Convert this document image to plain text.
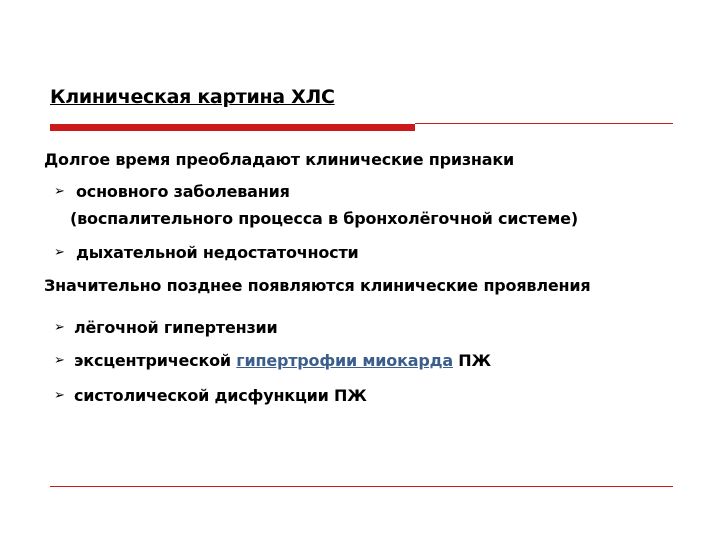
Клиническая картина ХЛС
Долгое время преобладают клинические признаки
➢ основного заболевания
(воспалительного процесса в бронхолёгочной системе)
➢ дыхательной недостаточности
Значительно позднее появляются клинические проявления
➢ лёгочной гипертензии
➢ эксцентрической гипертрофии миокарда ПЖ
➢ систолической дисфункции ПЖ
